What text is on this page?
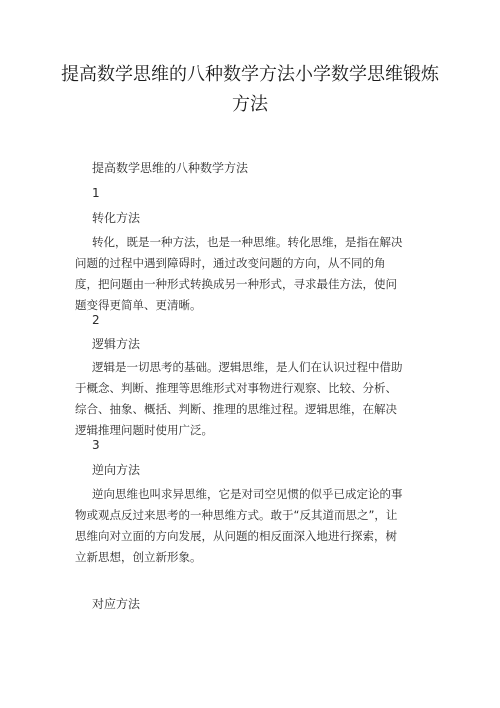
提高数学思维的八种数学方法小学数学思维锻炼方法

提高数学思维的八种数学方法

1

转化方法

转化，既是一种方法，也是一种思维。转化思维，是指在解决问题的过程中遇到障碍时，通过改变问题的方向，从不同的角度，把问题由一种形式转换成另一种形式，寻求最佳方法，使问题变得更简单、更清晰。

2

逻辑方法

逻辑是一切思考的基础。逻辑思维，是人们在认识过程中借助于概念、判断、推理等思维形式对事物进行观察、比较、分析、综合、抽象、概括、判断、推理的思维过程。逻辑思维，在解决逻辑推理问题时使用广泛。

3

逆向方法

逆向思维也叫求异思维，它是对司空见惯的似乎已成定论的事物或观点反过来思考的一种思维方式。敢于“反其道而思之”，让思维向对立面的方向发展，从问题的相反面深入地进行探索，树立新思想，创立新形象。

对应方法
